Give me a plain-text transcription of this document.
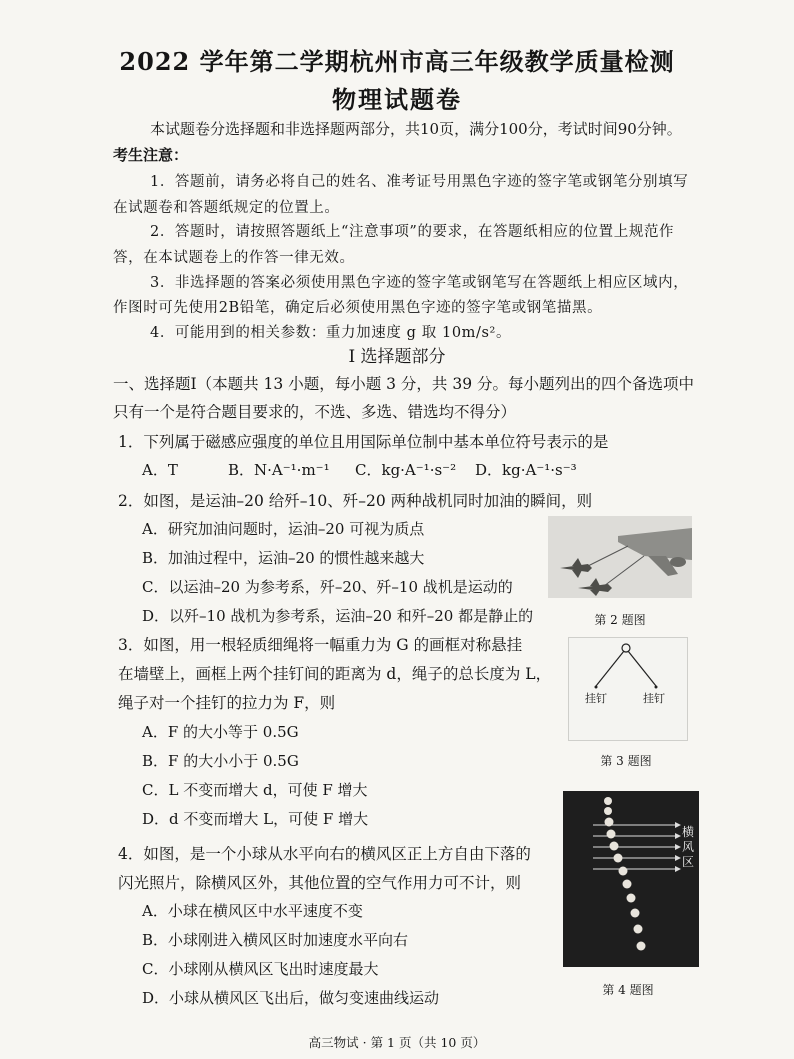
2022 学年第二学期杭州市高三年级教学质量检测
物理试题卷
本试题卷分选择题和非选择题两部分，共10页，满分100分，考试时间90分钟。
考生注意：
1．答题前，请务必将自己的姓名、准考证号用黑色字迹的签字笔或钢笔分别填写
在试题卷和答题纸规定的位置上。
2．答题时，请按照答题纸上“注意事项”的要求，在答题纸相应的位置上规范作
答，在本试题卷上的作答一律无效。
3．非选择题的答案必须使用黑色字迹的签字笔或钢笔写在答题纸上相应区域内，
作图时可先使用2B铅笔，确定后必须使用黑色字迹的签字笔或钢笔描黑。
4．可能用到的相关参数：重力加速度 g 取 10m/s²。
Ⅰ 选择题部分
一、选择题Ⅰ（本题共 13 小题，每小题 3 分，共 39 分。每小题列出的四个备选项中
只有一个是符合题目要求的，不选、多选、错选均不得分）
1．下列属于磁感应强度的单位且用国际单位制中基本单位符号表示的是
A．T	B．N·A⁻¹·m⁻¹ C．kg·A⁻¹·s⁻² D．kg·A⁻¹·s⁻³
2．如图，是运油–20 给歼–10、歼–20 两种战机同时加油的瞬间，则
A．研究加油问题时，运油–20 可视为质点
B．加油过程中，运油–20 的惯性越来越大
C．以运油–20 为参考系，歼–20、歼–10 战机是运动的
D．以歼–10 战机为参考系，运油–20 和歼–20 都是静止的	第 2 题图
3．如图，用一根轻质细绳将一幅重力为 G 的画框对称悬挂
在墙壁上，画框上两个挂钉间的距离为 d，绳子的总长度为 L，
绳子对一个挂钉的拉力为 F，则
A．F 的大小等于 0.5G
B．F 的大小小于 0.5G
C．L 不变而增大 d，可使 F 增大
D．d 不变而增大 L，可使 F 增大
挂钉	挂钉
第 3 题图
4．如图，是一个小球从水平向右的横风区正上方自由下落的
闪光照片，除横风区外，其他位置的空气作用力可不计，则
A．小球在横风区中水平速度不变
B．小球刚进入横风区时加速度水平向右
C．小球刚从横风区飞出时速度最大
D．小球从横风区飞出后，做匀变速曲线运动
横
风
区
第 4 题图
高三物试 · 第 1 页（共 10 页）
